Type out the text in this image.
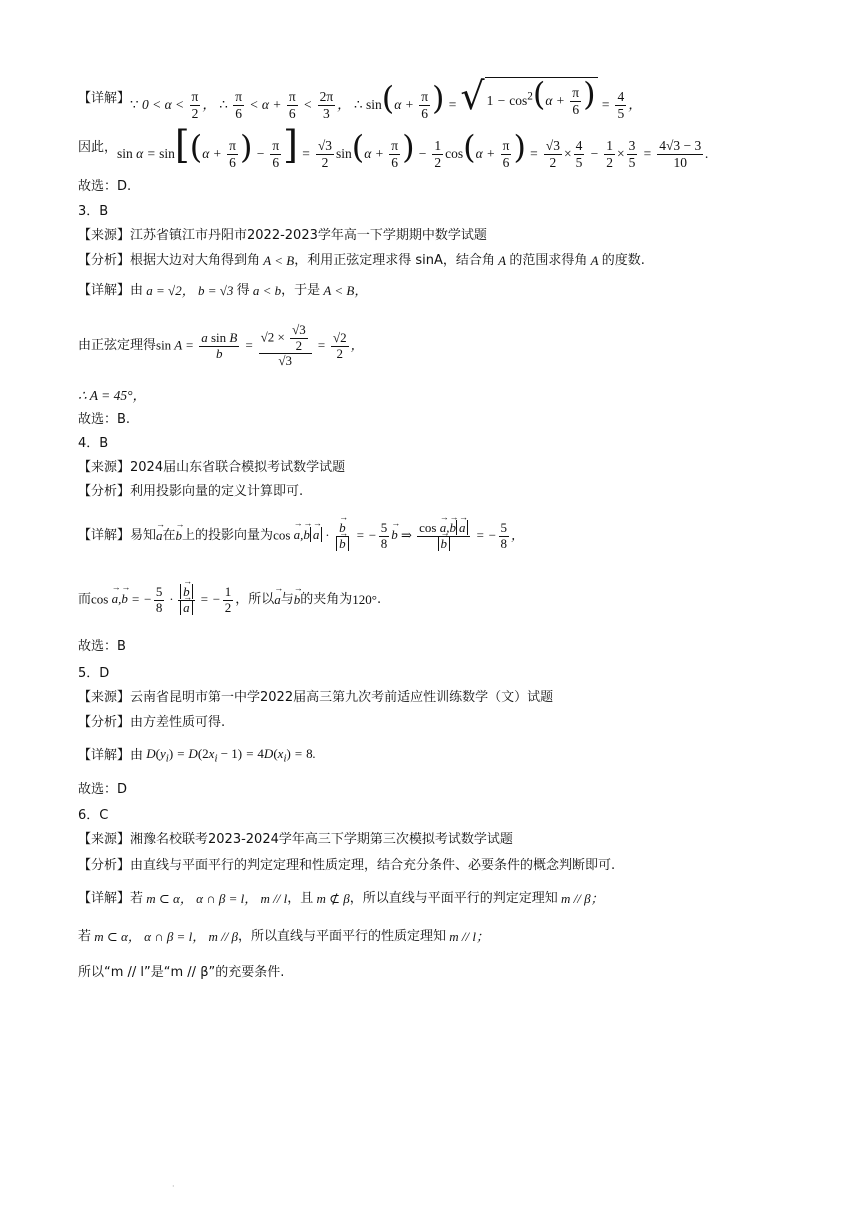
【详解】 ∵ $0 < \alpha < \frac{\pi}{2}$ ， ∴ $\frac{\pi}{6} < \alpha + \frac{\pi}{6} < \frac{2\pi}{3}$ ， ∴ $\sin(\alpha + \frac{\pi}{6}$ ) = √ $1 - \cos^2(\alpha + \frac{\pi}{6}$ ) = $\frac{4}{5}$ ，
因此， $\sin \alpha = \sin[(\alpha + \frac{\pi}{6}$ ) − $\frac{\pi}{6}$ ] = $\frac{√3}{2} \sin(\alpha + \frac{\pi}{6}$ ) − $\frac{1}{2} \cos(\alpha + \frac{\pi}{6}$ ) = $\frac{√3}{2} \times \frac{4}{5} - \frac{1}{2} \times \frac{3}{5} = \frac{4√3 - 3}{10}$ .
故选：D.
3．B
【来源】 江苏省镇江市丹阳市2022-2023学年高一下学期期中数学试题
【分析】 根据大边对大角得到角 A < B ，利用正弦定理求得 sinA，结合角 A 的范围求得角 A 的度数.
【详解】 由 a = √2， b = √3 得 a < b ，于是 A < B，
由正弦定理得 $\sin A = \frac{\text{a sin B}}{b} = \frac{√2 \times \frac{√3}{2}}{√3} = \frac{√2}{2}$ ，
∴ A = 45°，
故选：B.
4．B
【来源】 2024届山东省联合模拟考试数学试题
【分析】 利用投影向量的定义计算即可.
【详解】 易知
→ a 在
→ b 上的投影向量为 cos → a,→ b→ a ·
→ b
→ b = − $\frac{5}{8}$
→ b ⇒ cos → a,→ b→ a
→ b = − $\frac{5}{8}$ ，
而 cos → a,→ b = − $\frac{5}{8}$ ·
→ b
→ a = − $\frac{1}{2}$ ，所以
→ a 与
→ b 的夹角为 120° .
故选：B
5．D
【来源】 云南省昆明市第一中学2022届高三第九次考前适应性训练数学（文）试题
【分析】 由方差性质可得.
【详解】 由 $D(y_i) = D(2x_i - 1) = 4D(x_i) = 8$.
故选：D
6．C
【来源】 湘豫名校联考2023-2024学年高三下学期第三次模拟考试数学试题
【分析】 由直线与平面平行的判定定理和性质定理，结合充分条件、必要条件的概念判断即可.
【详解】 若 m ⊂ α， α ∩ β = l， m // l ，且 m ⊄ β ，所以直线与平面平行的判定定理知 m // β；
若 m ⊂ α， α ∩ β = l， m // β ，所以直线与平面平行的性质定理知 m // l；
所以“m // l”是“m // β”的充要条件.
·
